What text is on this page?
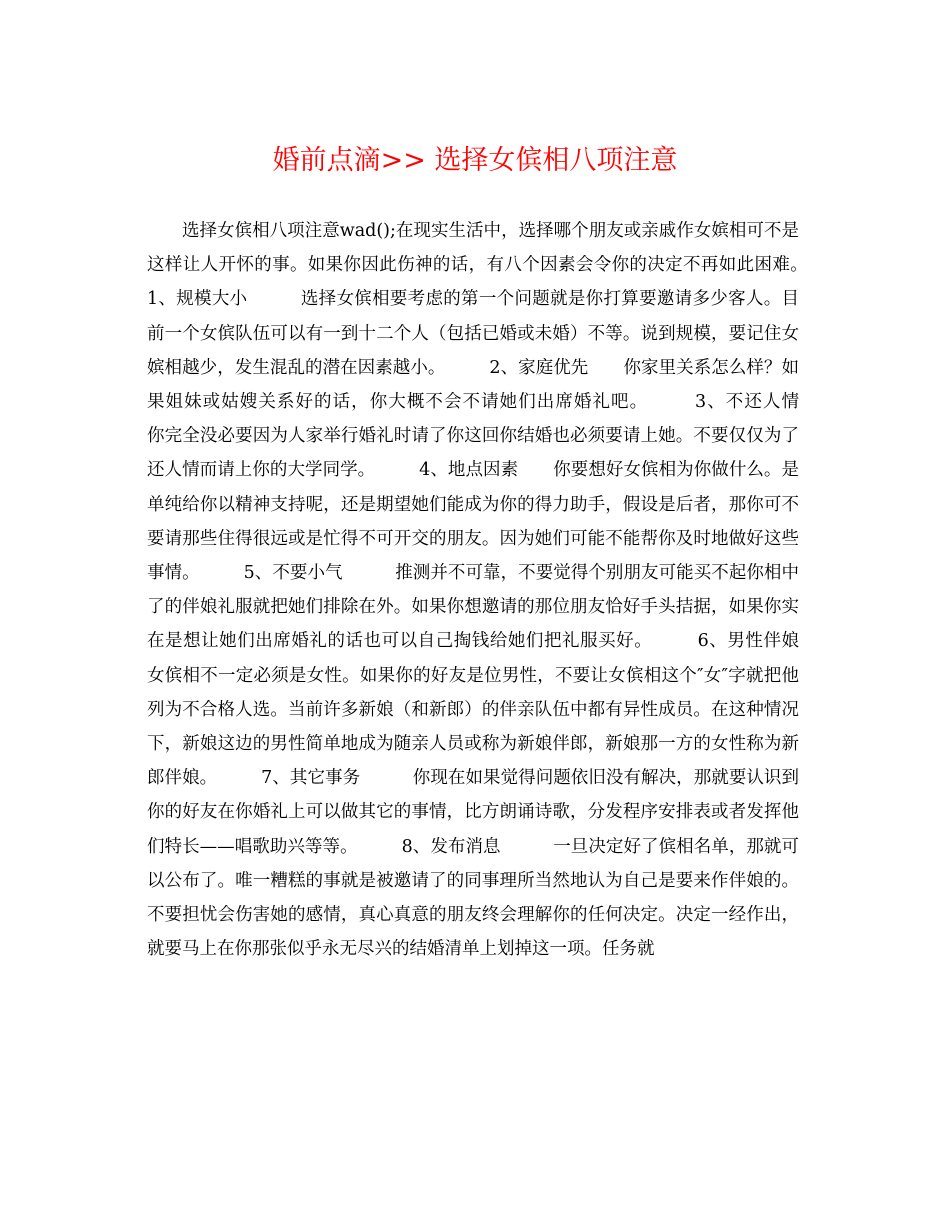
婚前点滴>> 选择女傧相八项注意

选择女傧相八项注意wad();在现实生活中，选择哪个朋友或亲戚作女嫔相可不是这样让人开怀的事。如果你因此伤神的话，有八个因素会令你的决定不再如此困难。　　　1、规模大小　　　选择女傧相要考虑的第一个问题就是你打算要邀请多少客人。目前一个女傧队伍可以有一到十二个人（包括已婚或未婚）不等。说到规模，要记住女嫔相越少，发生混乱的潜在因素越小。　　　2、家庭优先　　你家里关系怎么样？如果姐妹或姑嫂关系好的话，你大概不会不请她们出席婚礼吧。　　　3、不还人情　　　你完全没必要因为人家举行婚礼时请了你这回你结婚也必须要请上她。不要仅仅为了还人情而请上你的大学同学。　　　4、地点因素　　你要想好女傧相为你做什么。是单纯给你以精神支持呢，还是期望她们能成为你的得力助手，假设是后者，那你可不要请那些住得很远或是忙得不可开交的朋友。因为她们可能不能帮你及时地做好这些事情。　　　5、不要小气　　　推测并不可靠，不要觉得个别朋友可能买不起你相中了的伴娘礼服就把她们排除在外。如果你想邀请的那位朋友恰好手头拮据，如果你实在是想让她们出席婚礼的话也可以自己掏钱给她们把礼服买好。　　　6、男性伴娘　　　女傧相不一定必须是女性。如果你的好友是位男性，不要让女傧相这个″女″字就把他列为不合格人选。当前许多新娘（和新郎）的伴亲队伍中都有异性成员。在这种情况下，新娘这边的男性简单地成为随亲人员或称为新娘伴郎，新娘那一方的女性称为新郎伴娘。　　　7、其它事务　　　你现在如果觉得问题依旧没有解决，那就要认识到你的好友在你婚礼上可以做其它的事情，比方朗诵诗歌，分发程序安排表或者发挥他们特长——唱歌助兴等等。　　　8、发布消息　　　一旦决定好了傧相名单，那就可以公布了。唯一糟糕的事就是被邀请了的同事理所当然地认为自己是要来作伴娘的。不要担忧会伤害她的感情，真心真意的朋友终会理解你的任何决定。决定一经作出，就要马上在你那张似乎永无尽兴的结婚清单上划掉这一项。任务就
